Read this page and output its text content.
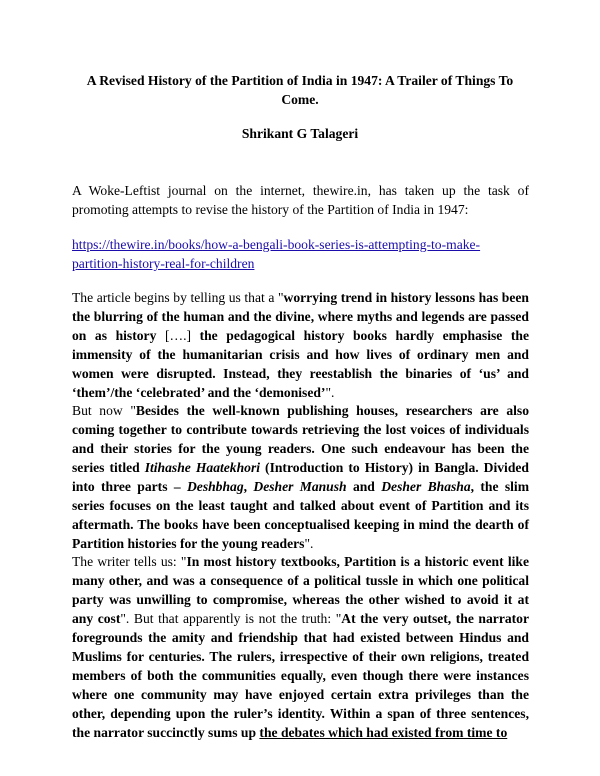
A Revised History of the Partition of India in 1947: A Trailer of Things To Come.
Shrikant G Talageri

A Woke-Leftist journal on the internet, thewire.in, has taken up the task of promoting attempts to revise the history of the Partition of India in 1947:

https://thewire.in/books/how-a-bengali-book-series-is-attempting-to-make-partition-history-real-for-children

The article begins by telling us that a "worrying trend in history lessons has been the blurring of the human and the divine, where myths and legends are passed on as history [….] the pedagogical history books hardly emphasise the immensity of the humanitarian crisis and how lives of ordinary men and women were disrupted. Instead, they reestablish the binaries of ‘us’ and ‘them’/the ‘celebrated’ and the ‘demonised’".

But now "Besides the well-known publishing houses, researchers are also coming together to contribute towards retrieving the lost voices of individuals and their stories for the young readers. One such endeavour has been the series titled Itihashe Haatekhori (Introduction to History) in Bangla. Divided into three parts – Deshbhag, Desher Manush and Desher Bhasha, the slim series focuses on the least taught and talked about event of Partition and its aftermath. The books have been conceptualised keeping in mind the dearth of Partition histories for the young readers".

The writer tells us: "In most history textbooks, Partition is a historic event like many other, and was a consequence of a political tussle in which one political party was unwilling to compromise, whereas the other wished to avoid it at any cost". But that apparently is not the truth: "At the very outset, the narrator foregrounds the amity and friendship that had existed between Hindus and Muslims for centuries. The rulers, irrespective of their own religions, treated members of both the communities equally, even though there were instances where one community may have enjoyed certain extra privileges than the other, depending upon the ruler’s identity. Within a span of three sentences, the narrator succinctly sums up the debates which had existed from time to
